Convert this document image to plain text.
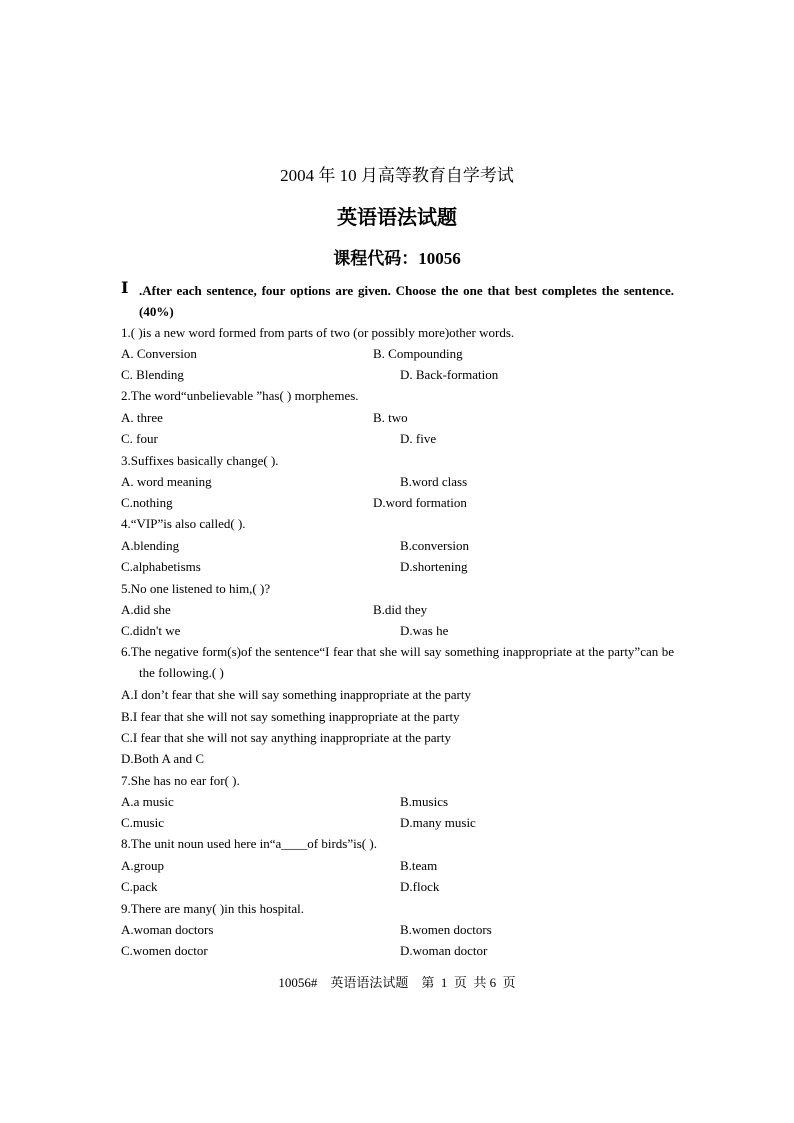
2004 年 10 月高等教育自学考试
英语语法试题
课程代码：10056
Ⅰ .After each sentence, four options are given. Choose the one that best completes the sentence. (40%)
1.( )is a new word formed from parts of two (or possibly more)other words.
A. Conversion	B. Compounding
C. Blending	D. Back-formation
2.The word“unbelievable ”has( ) morphemes.
A. three	B. two
C. four	D. five
3.Suffixes basically change( ).
A. word meaning	B.word class
C.nothing	D.word formation
4.“VIP”is also called( ).
A.blending	B.conversion
C.alphabetisms	D.shortening
5.No one listened to him,( )?
A.did she	B.did they
C.didn't we	D.was he
6.The negative form(s)of the sentence“I fear that she will say something inappropriate at the party”can be the following.( )
A.I don’t fear that she will say something inappropriate at the party
B.I fear that she will not say something inappropriate at the party
C.I fear that she will not say anything inappropriate at the party
D.Both A and C
7.She has no ear for( ).
A.a music	B.musics
C.music	D.many music
8.The unit noun used here in“a____of birds”is( ).
A.group	B.team
C.pack	D.flock
9.There are many( )in this hospital.
A.woman doctors	B.women doctors
C.women doctor	D.woman doctor
10056#    英语语法试题    第  1  页  共 6  页
